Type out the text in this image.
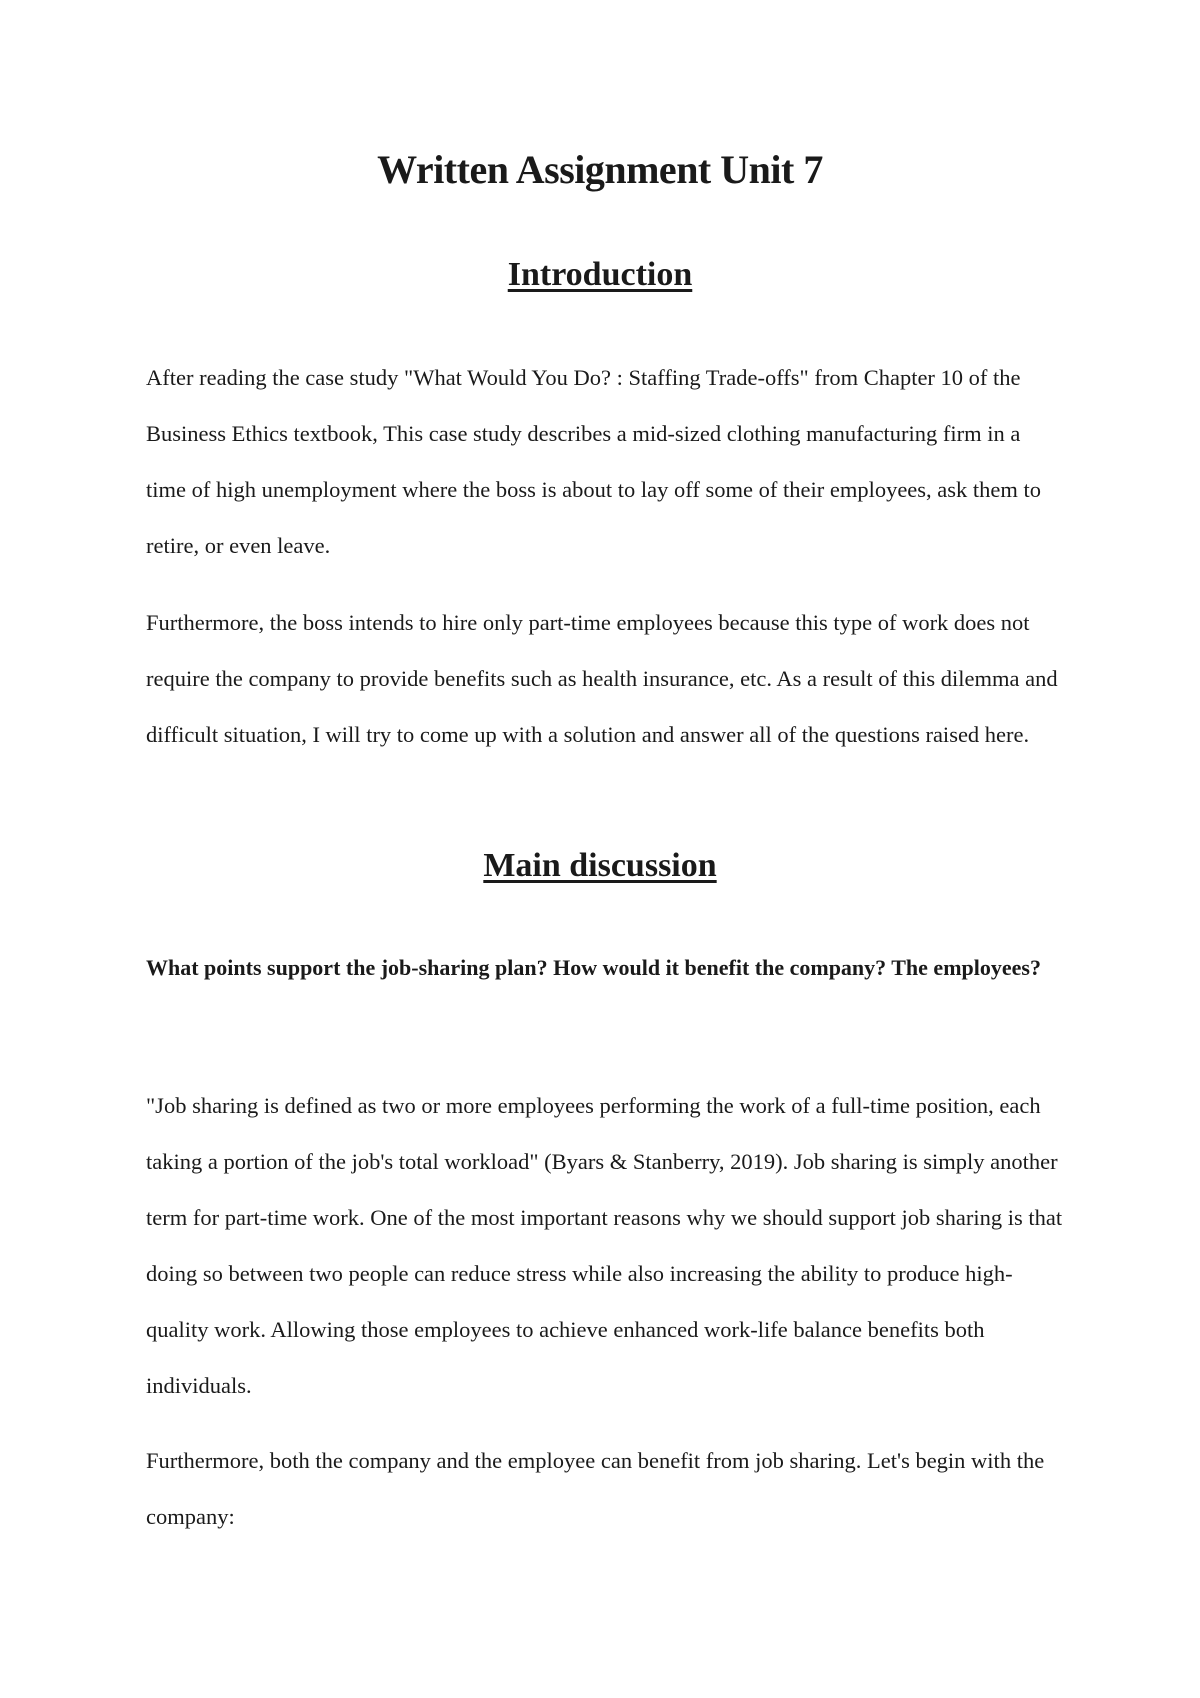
Written Assignment Unit 7
Introduction

After reading the case study "What Would You Do? : Staffing Trade-offs" from Chapter 10 of the Business Ethics textbook, This case study describes a mid-sized clothing manufacturing firm in a time of high unemployment where the boss is about to lay off some of their employees, ask them to retire, or even leave.

Furthermore, the boss intends to hire only part-time employees because this type of work does not require the company to provide benefits such as health insurance, etc. As a result of this dilemma and difficult situation, I will try to come up with a solution and answer all of the questions raised here.

Main discussion

What points support the job-sharing plan? How would it benefit the company? The employees?

"Job sharing is defined as two or more employees performing the work of a full-time position, each taking a portion of the job's total workload" (Byars & Stanberry, 2019). Job sharing is simply another term for part-time work. One of the most important reasons why we should support job sharing is that doing so between two people can reduce stress while also increasing the ability to produce high-quality work. Allowing those employees to achieve enhanced work-life balance benefits both individuals.

Furthermore, both the company and the employee can benefit from job sharing. Let's begin with the company:
